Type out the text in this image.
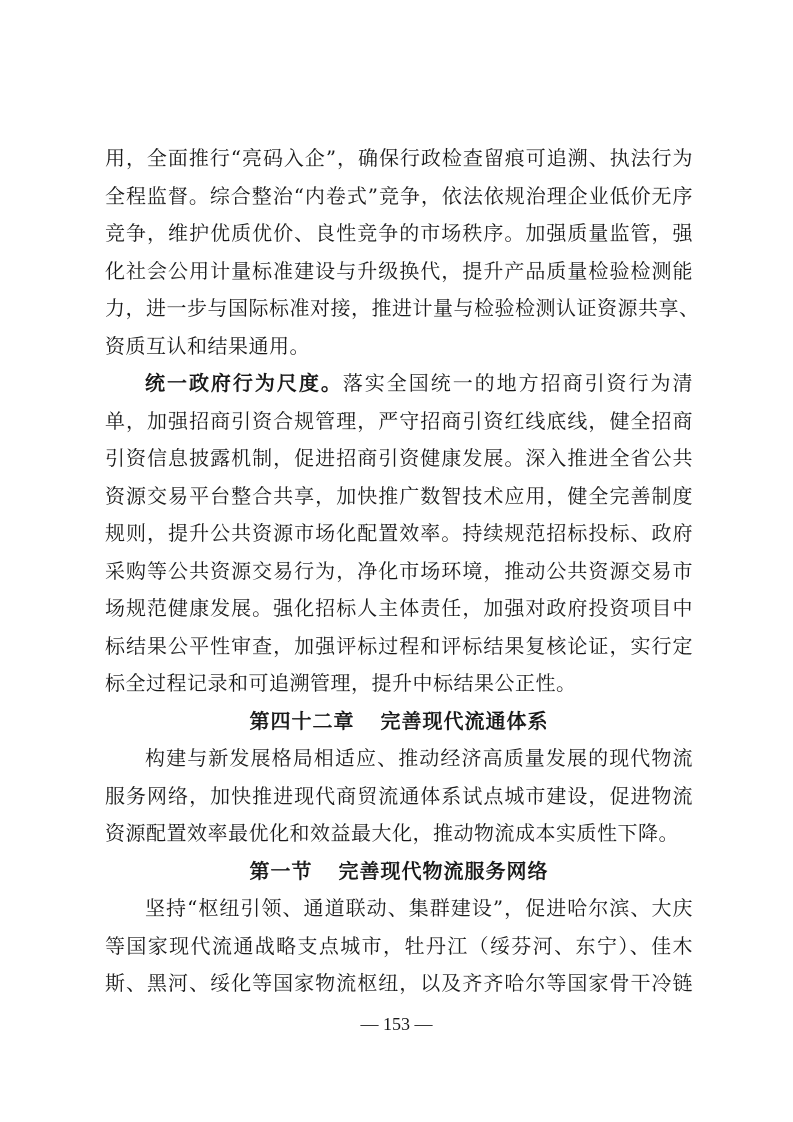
用，全面推行“亮码入企”，确保行政检查留痕可追溯、执法行为
全程监督。综合整治“内卷式”竞争，依法依规治理企业低价无序
竞争，维护优质优价、良性竞争的市场秩序。加强质量监管，强
化社会公用计量标准建设与升级换代，提升产品质量检验检测能
力，进一步与国际标准对接，推进计量与检验检测认证资源共享、
资质互认和结果通用。
统一政府行为尺度。落实全国统一的地方招商引资行为清
单，加强招商引资合规管理，严守招商引资红线底线，健全招商
引资信息披露机制，促进招商引资健康发展。深入推进全省公共
资源交易平台整合共享，加快推广数智技术应用，健全完善制度
规则，提升公共资源市场化配置效率。持续规范招标投标、政府
采购等公共资源交易行为，净化市场环境，推动公共资源交易市
场规范健康发展。强化招标人主体责任，加强对政府投资项目中
标结果公平性审查，加强评标过程和评标结果复核论证，实行定
标全过程记录和可追溯管理，提升中标结果公正性。
第四十二章 完善现代流通体系
构建与新发展格局相适应、推动经济高质量发展的现代物流
服务网络，加快推进现代商贸流通体系试点城市建设，促进物流
资源配置效率最优化和效益最大化，推动物流成本实质性下降。
第一节 完善现代物流服务网络
坚持“枢纽引领、通道联动、集群建设”，促进哈尔滨、大庆
等国家现代流通战略支点城市，牡丹江（绥芬河、东宁）、佳木
斯、黑河、绥化等国家物流枢纽，以及齐齐哈尔等国家骨干冷链
— 153 —
